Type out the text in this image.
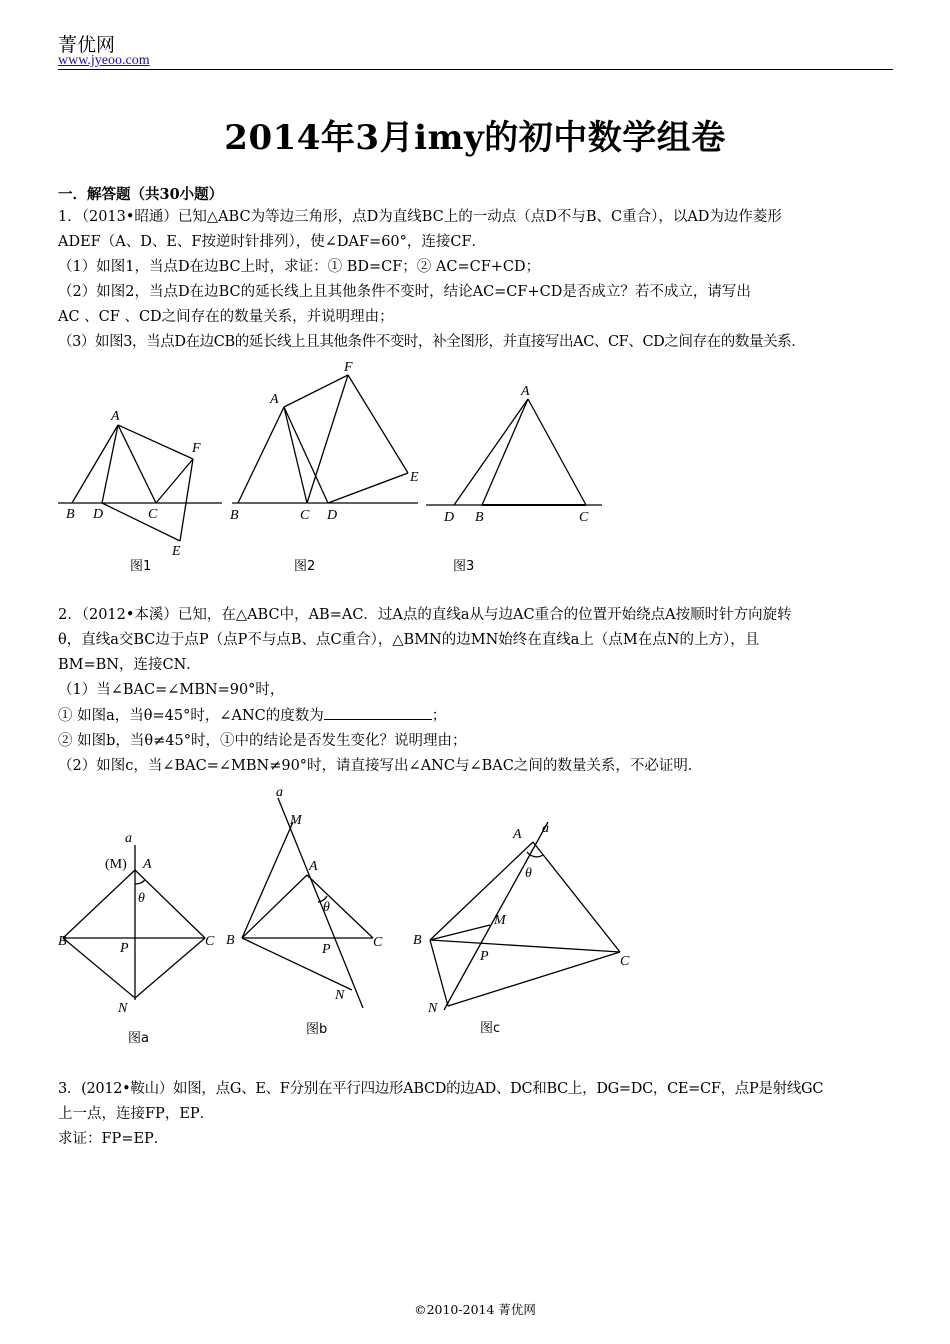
菁优网
www.jyeoo.com
2014年3月imy的初中数学组卷
一．解答题（共30小题）
1．（2013•昭通）已知△ABC为等边三角形，点D为直线BC上的一动点（点D不与B、C重合），以AD为边作菱形
ADEF（A、D、E、F按逆时针排列），使∠DAF=60°，连接CF．
（1）如图1，当点D在边BC上时，求证：① BD=CF；② AC=CF+CD；
（2）如图2，当点D在边BC的延长线上且其他条件不变时，结论AC=CF+CD是否成立？若不成立，请写出
AC 、CF 、CD之间存在的数量关系，并说明理由；
（3）如图3，当点D在边CB的延长线上且其他条件不变时，补全图形，并直接写出AC、CF、CD之间存在的数量关系．
A
B D	C
F
E
图1
A
F
E
B	C D
图2
A
D B	C
图3
2．（2012•本溪）已知，在△ABC中，AB=AC．过A点的直线a从与边AC重合的位置开始绕点A按顺时针方向旋转
θ，直线a交BC边于点P（点P不与点B、点C重合），△BMN的边MN始终在直线a上（点M在点N的上方），且
BM=BN，连接CN．
（1）当∠BAC=∠MBN=90°时，
① 如图a，当θ=45°时，∠ANC的度数为	；
② 如图b，当θ≠45°时，①中的结论是否发生变化？说明理由；
（2）如图c，当∠BAC=∠MBN≠90°时，请直接写出∠ANC与∠BAC之间的数量关系，不必证明．
a
(M) A
θ
B	P	C
N
图a
a
M
A
θ
B
P	C
N
图b
A a
θ
M
B
P	C
N
图c
3．(2012•鞍山）如图，点G、E、F分别在平行四边形ABCD的边AD、DC和BC上，DG=DC，CE=CF，点P是射线GC
上一点，连接FP，EP．
求证：FP=EP．
©2010-2014 菁优网
